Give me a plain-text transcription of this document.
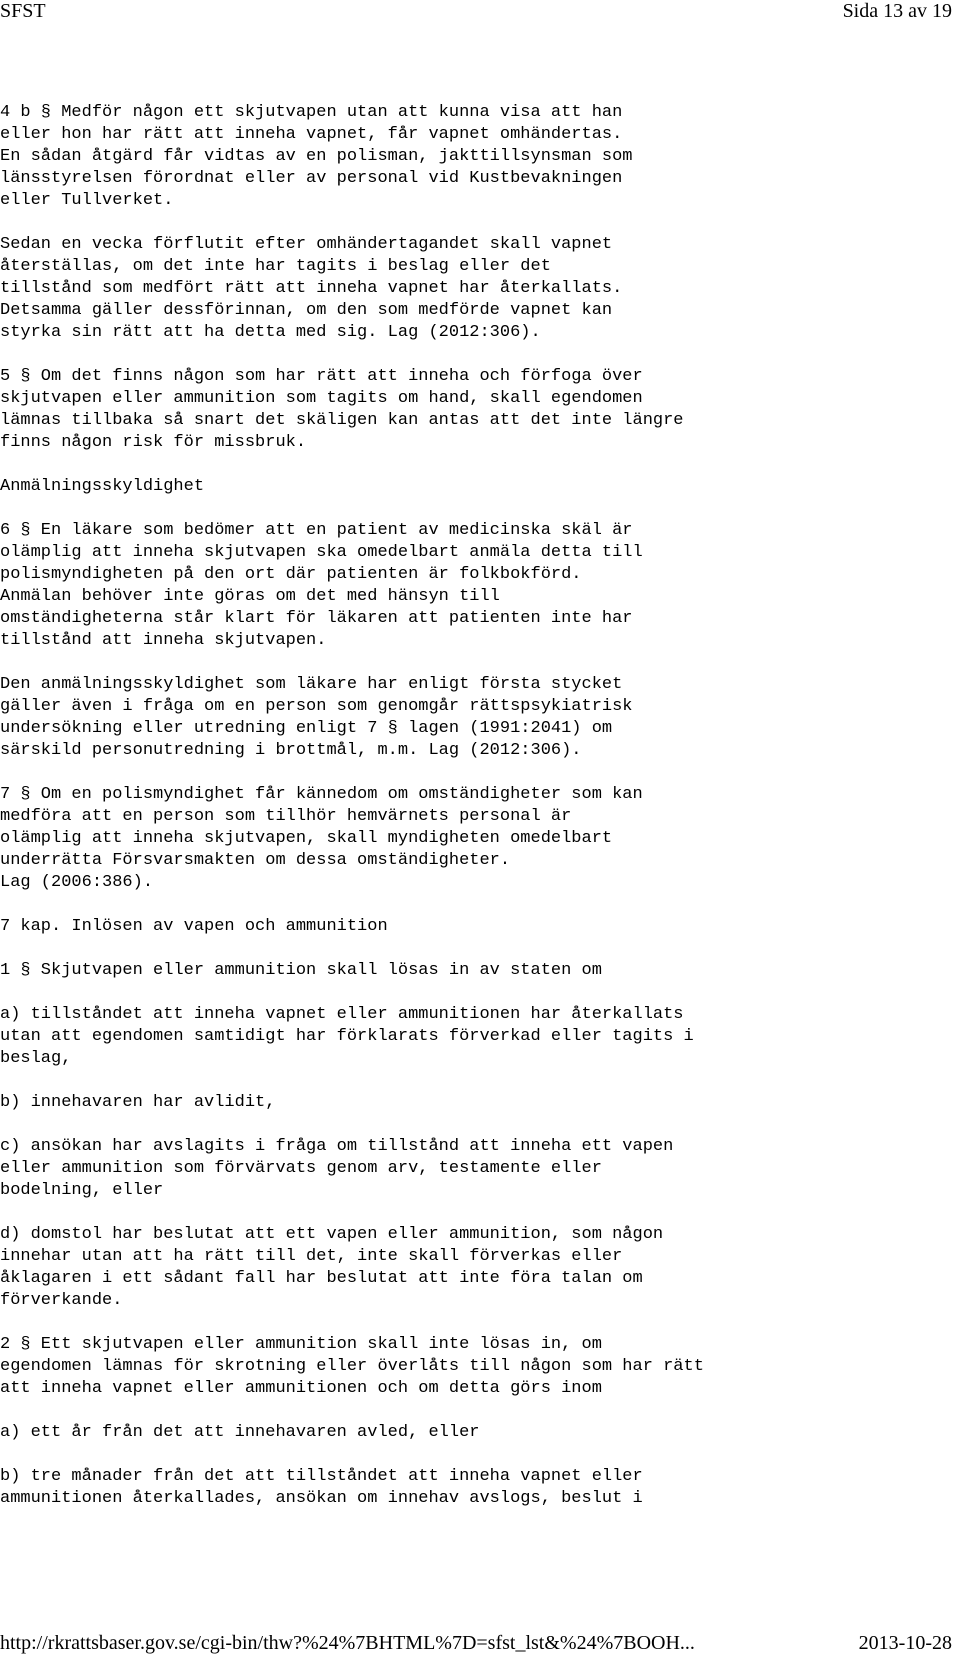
SFST	Sida 13 av 19

4 b § Medför någon ett skjutvapen utan att kunna visa att han
eller hon har rätt att inneha vapnet, får vapnet omhändertas.
En sådan åtgärd får vidtas av en polisman, jakttillsynsman som
länsstyrelsen förordnat eller av personal vid Kustbevakningen
eller Tullverket.

Sedan en vecka förflutit efter omhändertagandet skall vapnet
återställas, om det inte har tagits i beslag eller det
tillstånd som medfört rätt att inneha vapnet har återkallats.
Detsamma gäller dessförinnan, om den som medförde vapnet kan
styrka sin rätt att ha detta med sig. Lag (2012:306).

5 § Om det finns någon som har rätt att inneha och förfoga över
skjutvapen eller ammunition som tagits om hand, skall egendomen
lämnas tillbaka så snart det skäligen kan antas att det inte längre
finns någon risk för missbruk.

Anmälningsskyldighet

6 § En läkare som bedömer att en patient av medicinska skäl är
olämplig att inneha skjutvapen ska omedelbart anmäla detta till
polismyndigheten på den ort där patienten är folkbokförd.
Anmälan behöver inte göras om det med hänsyn till
omständigheterna står klart för läkaren att patienten inte har
tillstånd att inneha skjutvapen.

Den anmälningsskyldighet som läkare har enligt första stycket
gäller även i fråga om en person som genomgår rättspsykiatrisk
undersökning eller utredning enligt 7 § lagen (1991:2041) om
särskild personutredning i brottmål, m.m. Lag (2012:306).

7 § Om en polismyndighet får kännedom om omständigheter som kan
medföra att en person som tillhör hemvärnets personal är
olämplig att inneha skjutvapen, skall myndigheten omedelbart
underrätta Försvarsmakten om dessa omständigheter.
Lag (2006:386).

7 kap. Inlösen av vapen och ammunition

1 § Skjutvapen eller ammunition skall lösas in av staten om

a) tillståndet att inneha vapnet eller ammunitionen har återkallats
utan att egendomen samtidigt har förklarats förverkad eller tagits i
beslag,

b) innehavaren har avlidit,

c) ansökan har avslagits i fråga om tillstånd att inneha ett vapen
eller ammunition som förvärvats genom arv, testamente eller
bodelning, eller

d) domstol har beslutat att ett vapen eller ammunition, som någon
innehar utan att ha rätt till det, inte skall förverkas eller
åklagaren i ett sådant fall har beslutat att inte föra talan om
förverkande.

2 § Ett skjutvapen eller ammunition skall inte lösas in, om
egendomen lämnas för skrotning eller överlåts till någon som har rätt
att inneha vapnet eller ammunitionen och om detta görs inom

a) ett år från det att innehavaren avled, eller

b) tre månader från det att tillståndet att inneha vapnet eller
ammunitionen återkallades, ansökan om innehav avslogs, beslut i

http://rkrattsbaser.gov.se/cgi-bin/thw?%24%7BHTML%7D=sfst_lst&%24%7BOOH...	2013-10-28
